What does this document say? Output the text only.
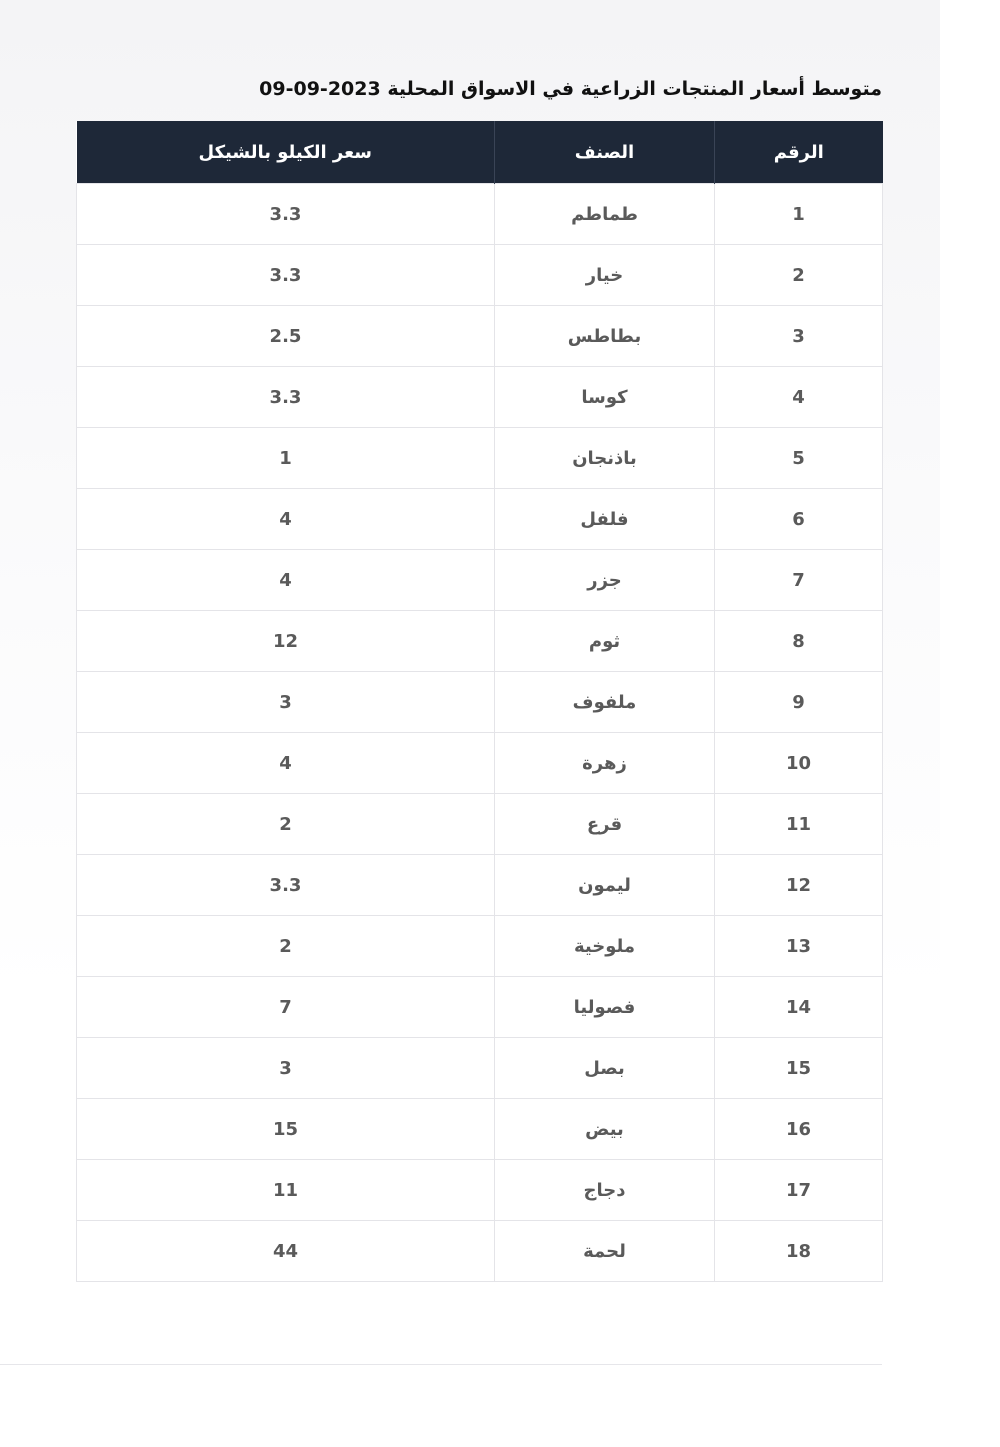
متوسط أسعار المنتجات الزراعية في الاسواق المحلية 2023-09-09
الرقم	الصنف	سعر الكيلو بالشيكل
1	طماطم	3.3
2	خيار	3.3
3	بطاطس	2.5
4	كوسا	3.3
5	باذنجان	1
6	فلفل	4
7	جزر	4
8	ثوم	12
9	ملفوف	3
10	زهرة	4
11	قرع	2
12	ليمون	3.3
13	ملوخية	2
14	فصوليا	7
15	بصل	3
16	بيض	15
17	دجاج	11
18	لحمة	44
